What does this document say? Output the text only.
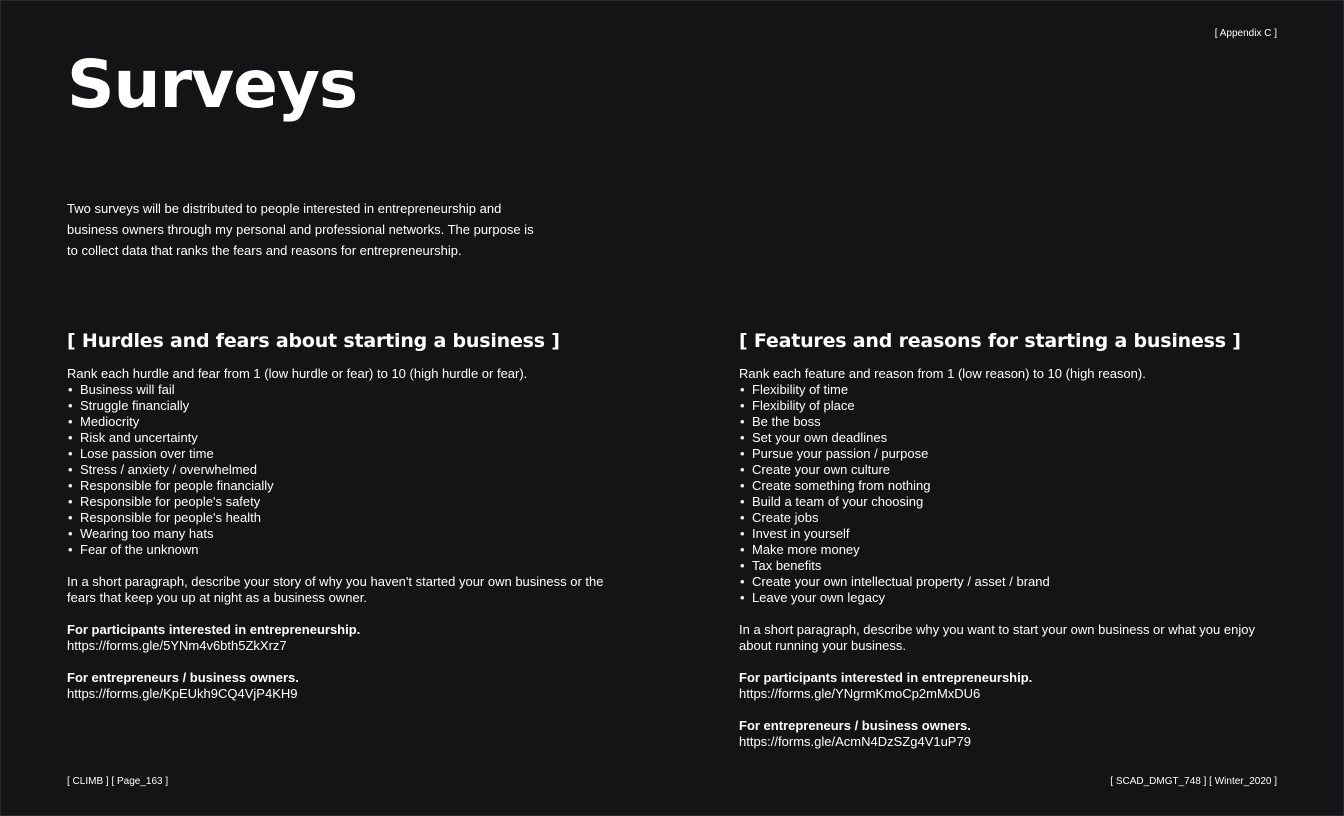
[ Appendix C ]
Surveys

Two surveys will be distributed to people interested in entrepreneurship and business owners through my personal and professional networks. The purpose is to collect data that ranks the fears and reasons for entrepreneurship.

[ Hurdles and fears about starting a business ]

Rank each hurdle and fear from 1 (low hurdle or fear) to 10 (high hurdle or fear).

• Business will fail
• Struggle financially
• Mediocrity
• Risk and uncertainty
• Lose passion over time
• Stress / anxiety / overwhelmed
• Responsible for people financially
• Responsible for people's safety
• Responsible for people's health
• Wearing too many hats
• Fear of the unknown

In a short paragraph, describe your story of why you haven't started your own business or the fears that keep you up at night as a business owner.

For participants interested in entrepreneurship.
https://forms.gle/5YNm4v6bth5ZkXrz7
For entrepreneurs / business owners.
https://forms.gle/KpEUkh9CQ4VjP4KH9
[ Features and reasons for starting a business ]

Rank each feature and reason from 1 (low reason) to 10 (high reason).

• Flexibility of time
• Flexibility of place
• Be the boss
• Set your own deadlines
• Pursue your passion / purpose
• Create your own culture
• Create something from nothing
• Build a team of your choosing
• Create jobs
• Invest in yourself
• Make more money
• Tax benefits
• Create your own intellectual property / asset / brand
• Leave your own legacy

In a short paragraph, describe why you want to start your own business or what you enjoy about running your business.

For participants interested in entrepreneurship.
https://forms.gle/YNgrmKmoCp2mMxDU6
For entrepreneurs / business owners.
https://forms.gle/AcmN4DzSZg4V1uP79
[ CLIMB ] [ Page_163 ]	[ SCAD_DMGT_748 ] [ Winter_2020 ]
